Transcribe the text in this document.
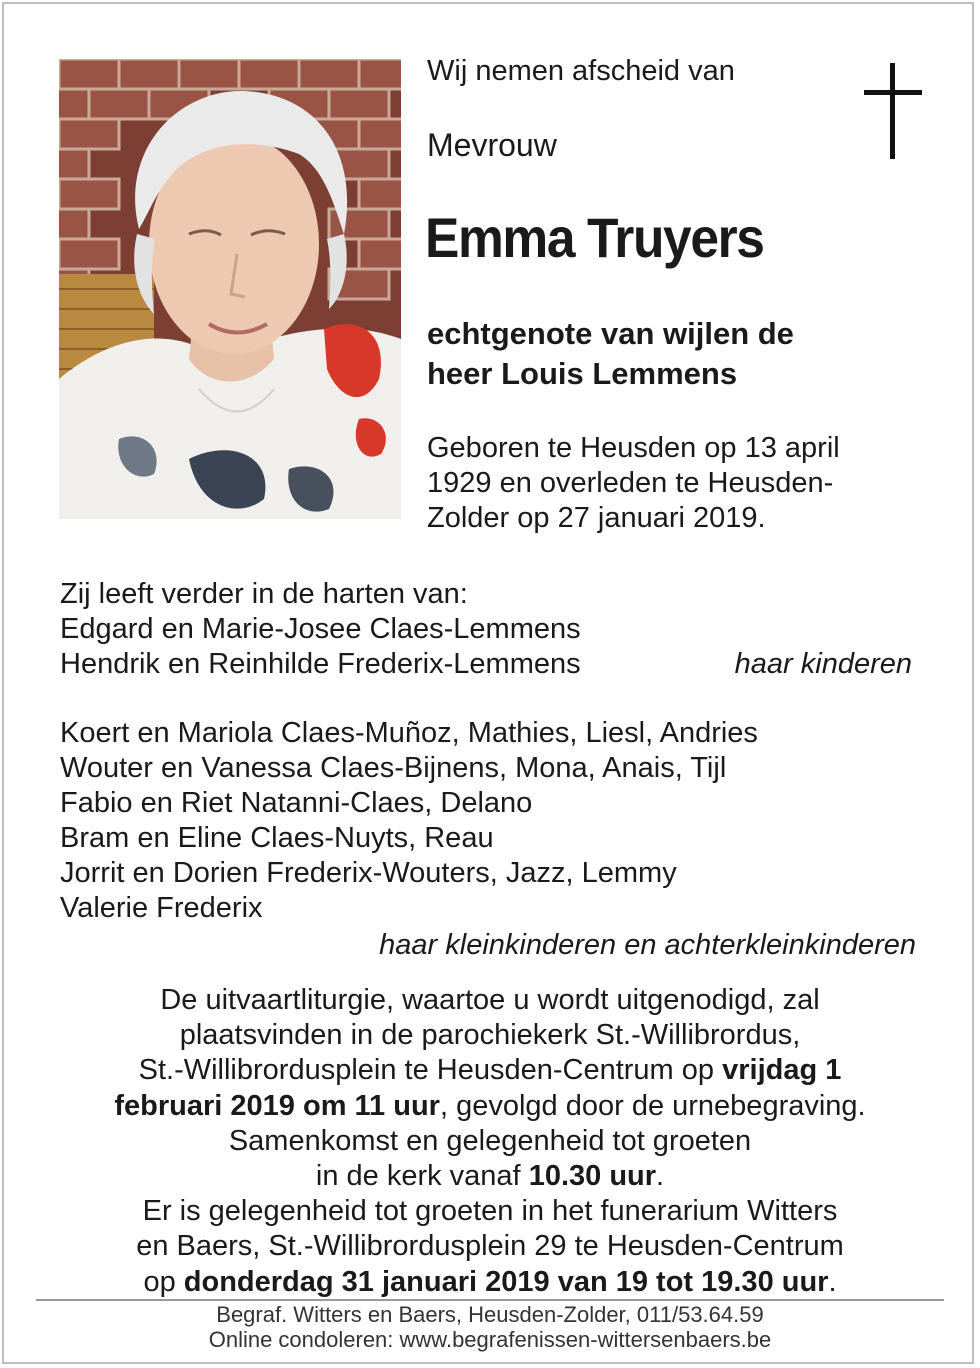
Wij nemen afscheid van
Mevrouw
Emma Truyers
echtgenote van wijlen de
heer Louis Lemmens
Geboren te Heusden op 13 april
1929 en overleden te Heusden-
Zolder op 27 januari 2019.
Zij leeft verder in de harten van:
Edgard en Marie-Josee Claes-Lemmens
Hendrik en Reinhilde Frederix-Lemmens	haar kinderen
Koert en Mariola Claes-Muñoz, Mathies, Liesl, Andries
Wouter en Vanessa Claes-Bijnens, Mona, Anais, Tijl
Fabio en Riet Natanni-Claes, Delano
Bram en Eline Claes-Nuyts, Reau
Jorrit en Dorien Frederix-Wouters, Jazz, Lemmy
Valerie Frederix
haar kleinkinderen en achterkleinkinderen
De uitvaartliturgie, waartoe u wordt uitgenodigd, zal
plaatsvinden in de parochiekerk St.-Willibrordus,
St.-Willibrordusplein te Heusden-Centrum op vrijdag 1
februari 2019 om 11 uur, gevolgd door de urnebegraving.
Samenkomst en gelegenheid tot groeten
in de kerk vanaf 10.30 uur.
Er is gelegenheid tot groeten in het funerarium Witters
en Baers, St.-Willibrordusplein 29 te Heusden-Centrum
op donderdag 31 januari 2019 van 19 tot 19.30 uur.
Begraf. Witters en Baers, Heusden-Zolder, 011/53.64.59
Online condoleren: www.begrafenissen-wittersenbaers.be
